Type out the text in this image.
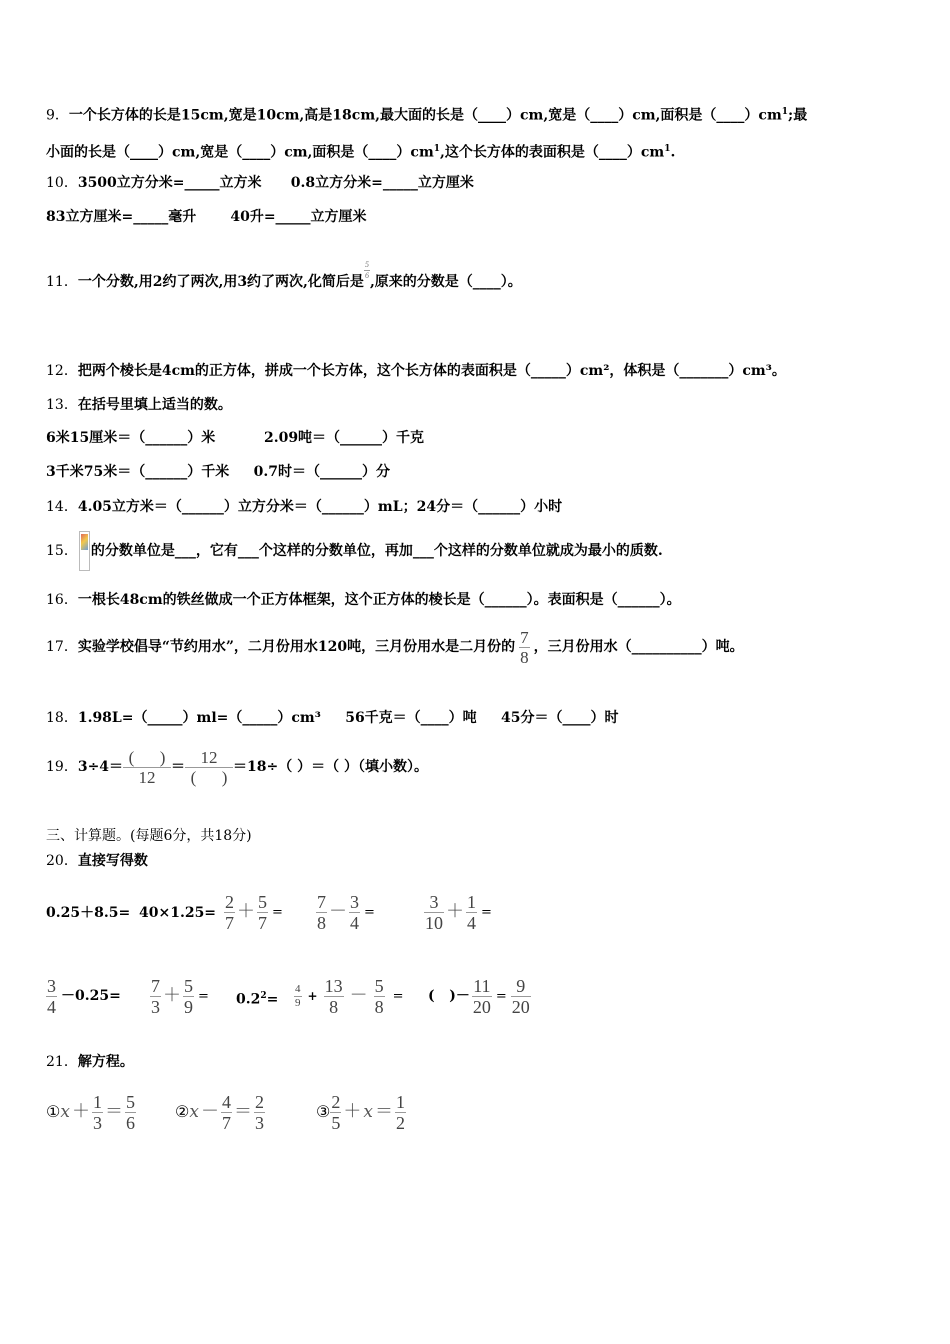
9．一个长方体的长是15cm,宽是10cm,高是18cm,最大面的长是（____）cm,宽是（____）cm,面积是$(\_\_\_\_)cm^1$;最
小面的长是（____）cm,宽是（____）cm,面积是$(\_\_\_\_)cm^1$,这个长方体的表面积是$(\_\_\_\_)cm^1$.
10．3500立方分米=_____立方米      0.8立方分米=_____立方厘米
83立方厘米=_____毫升       40升=_____立方厘米
11．一个分数,用2约了两次,用3约了两次,化简后是
$\frac{5}{6}$
,原来的分数是（____）。
12．把两个棱长是4cm的正方体，拼成一个长方体，这个长方体的表面积是（_____）cm²，体积是（_______）cm³。
13．在括号里填上适当的数。
6米15厘米＝（______）米          2.09吨＝（______）千克
3千米75米＝（______）千米     0.7时＝（______）分
14．4.05立方米＝（______）立方分米＝（______）mL；24分＝（______）小时
15． 的分数单位是___，它有___个这样的分数单位，再加___个这样的分数单位就成为最小的质数.
16．一根长48cm的铁丝做成一个正方体框架，这个正方体的棱长是（______）。表面积是（______）。
17．实验学校倡导“节约用水”，二月份用水120吨，三月份用水是二月份的 $\frac{7}{8}$ ，三月份用水（__________）吨。
18．1.98L=（_____）ml=（_____）cm³     56千克＝（____）吨     45分＝（____）时
19．$3\div 4= \frac{( )}{12} = \frac{12}{( )} =18\div$（ ）＝（ ）（填小数）。
三、计算题。(每题6分，共18分)
20．直接写得数
$0.25+8.5= 40\times 1.25= \frac{2}{7} + \frac{5}{7} = \frac{7}{8} - \frac{3}{4}$ =	$\frac{3}{10} + \frac{1}{4}$ =
$\frac{3}{4} -0.25= \frac{7}{3} + \frac{5}{9} = 0.2^2= \frac{4}{9} + \frac{13}{8} - \frac{5}{8}$ = (   )－ $\frac{11}{20} = \frac{9}{20}$
21．解方程。
①x ＋ $\frac{1}{3} = \frac{5}{6}$ ②x － $\frac{4}{7} = \frac{2}{3}$	③ $\frac{2}{5} + x = \frac{1}{2}$
